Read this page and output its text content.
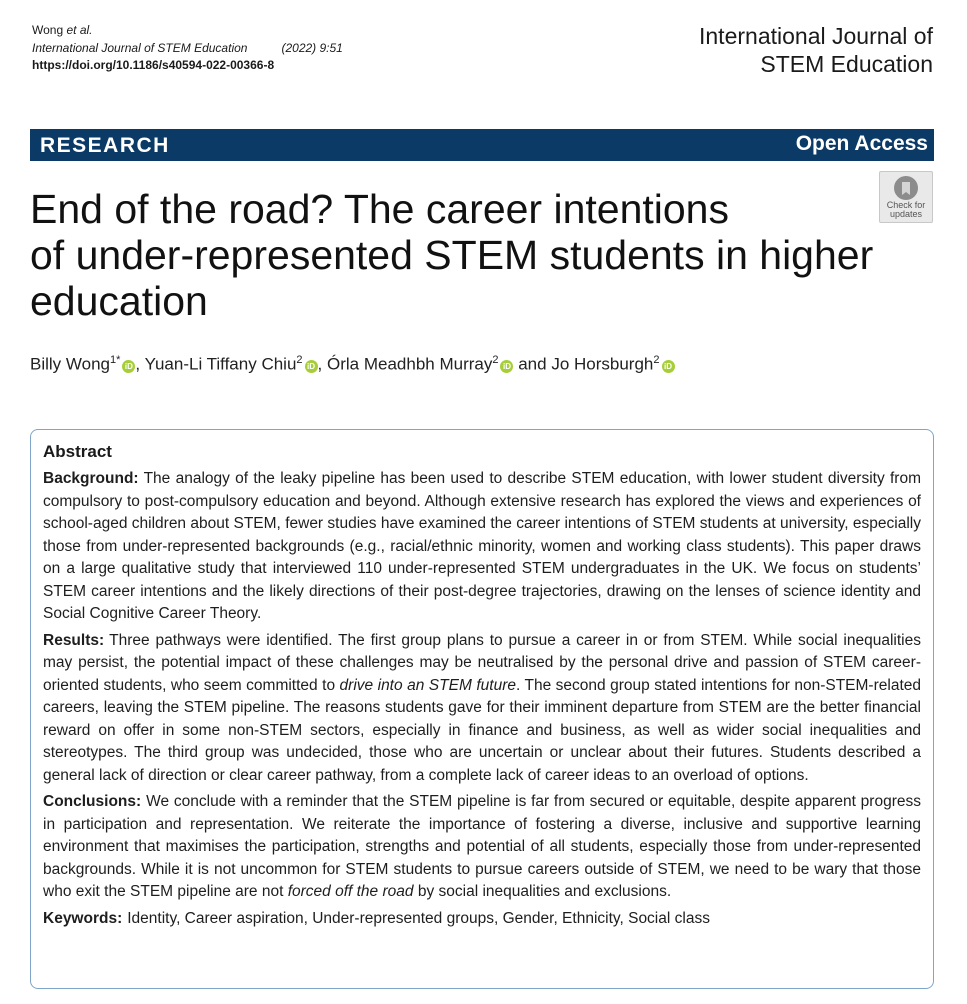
Wong et al.
International Journal of STEM Education	(2022) 9:51
https://doi.org/10.1186/s40594-022-00366-8
International Journal of
STEM Education
RESEARCH	Open Access
Check for
updates
End of the road? The career intentions
of under-represented STEM students in higher
education
Billy Wong$^{1*}$iD , Yuan-Li Tiffany Chiu$^2$iD , Órla Meadhbh Murray$^2$iD and Jo Horsburgh$^2$iD
Abstract

Background: The analogy of the leaky pipeline has been used to describe STEM education, with lower student diversity from compulsory to post-compulsory education and beyond. Although extensive research has explored the views and experiences of school-aged children about STEM, fewer studies have examined the career intentions of STEM students at university, especially those from under-represented backgrounds (e.g., racial/ethnic minority, women and working class students). This paper draws on a large qualitative study that interviewed 110 under-represented STEM undergraduates in the UK. We focus on students’ STEM career intentions and the likely directions of their post-degree trajectories, drawing on the lenses of science identity and Social Cognitive Career Theory.

Results: Three pathways were identified. The first group plans to pursue a career in or from STEM. While social inequalities may persist, the potential impact of these challenges may be neutralised by the personal drive and passion of STEM career-oriented students, who seem committed to drive into an STEM future. The second group stated intentions for non-STEM-related careers, leaving the STEM pipeline. The reasons students gave for their imminent departure from STEM are the better financial reward on offer in some non-STEM sectors, especially in finance and business, as well as wider social inequalities and stereotypes. The third group was undecided, those who are uncertain or unclear about their futures. Students described a general lack of direction or clear career pathway, from a complete lack of career ideas to an overload of options.

Conclusions: We conclude with a reminder that the STEM pipeline is far from secured or equitable, despite apparent progress in participation and representation. We reiterate the importance of fostering a diverse, inclusive and supportive learning environment that maximises the participation, strengths and potential of all students, especially those from under-represented backgrounds. While it is not uncommon for STEM students to pursue careers outside of STEM, we need to be wary that those who exit the STEM pipeline are not forced off the road by social inequalities and exclusions.

Keywords: Identity, Career aspiration, Under-represented groups, Gender, Ethnicity, Social class
